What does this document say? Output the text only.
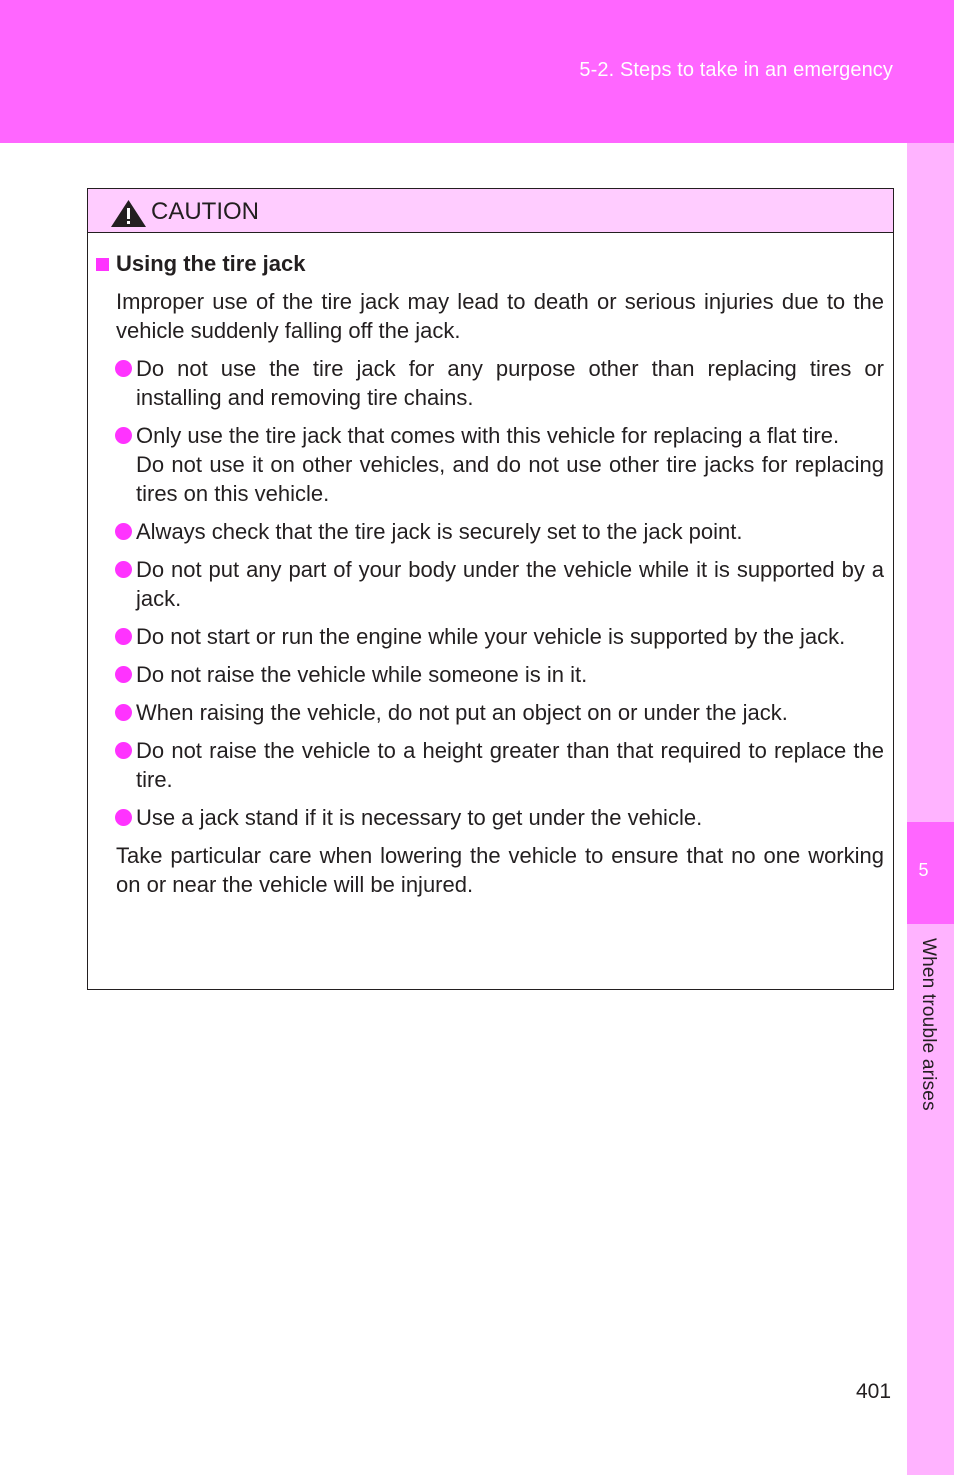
5-2. Steps to take in an emergency
5
When trouble arises
CAUTION
Using the tire jack
Improper use of the tire jack may lead to death or serious injuries due to the vehicle suddenly falling off the jack.
Do not use the tire jack for any purpose other than replacing tires or installing and removing tire chains.
Only use the tire jack that comes with this vehicle for replacing a flat tire.
Do not use it on other vehicles, and do not use other tire jacks for replacing tires on this vehicle.
Always check that the tire jack is securely set to the jack point.
Do not put any part of your body under the vehicle while it is supported by a jack.
Do not start or run the engine while your vehicle is supported by the jack.
Do not raise the vehicle while someone is in it.
When raising the vehicle, do not put an object on or under the jack.
Do not raise the vehicle to a height greater than that required to replace the tire.
Use a jack stand if it is necessary to get under the vehicle.
Take particular care when lowering the vehicle to ensure that no one working on or near the vehicle will be injured.
401
